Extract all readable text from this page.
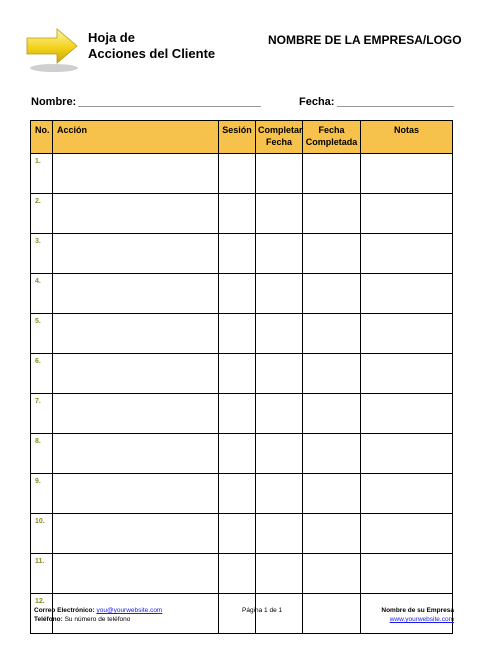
Hoja de
Acciones del Cliente
NOMBRE DE LA EMPRESA/LOGO
Nombre:	Fecha:
No.	Acción	Sesión	Completar Fecha	Fecha Completada	Notas
1.					
2.					
3.					
4.					
5.					
6.					
7.					
8.					
9.					
10.					
11.					
12.					
Correo Electrónico: you@yourwebsite.com
Teléfono: Su número de teléfono
Página 1 de 1	Nombre de su Empresa
www.yourwebsite.com
